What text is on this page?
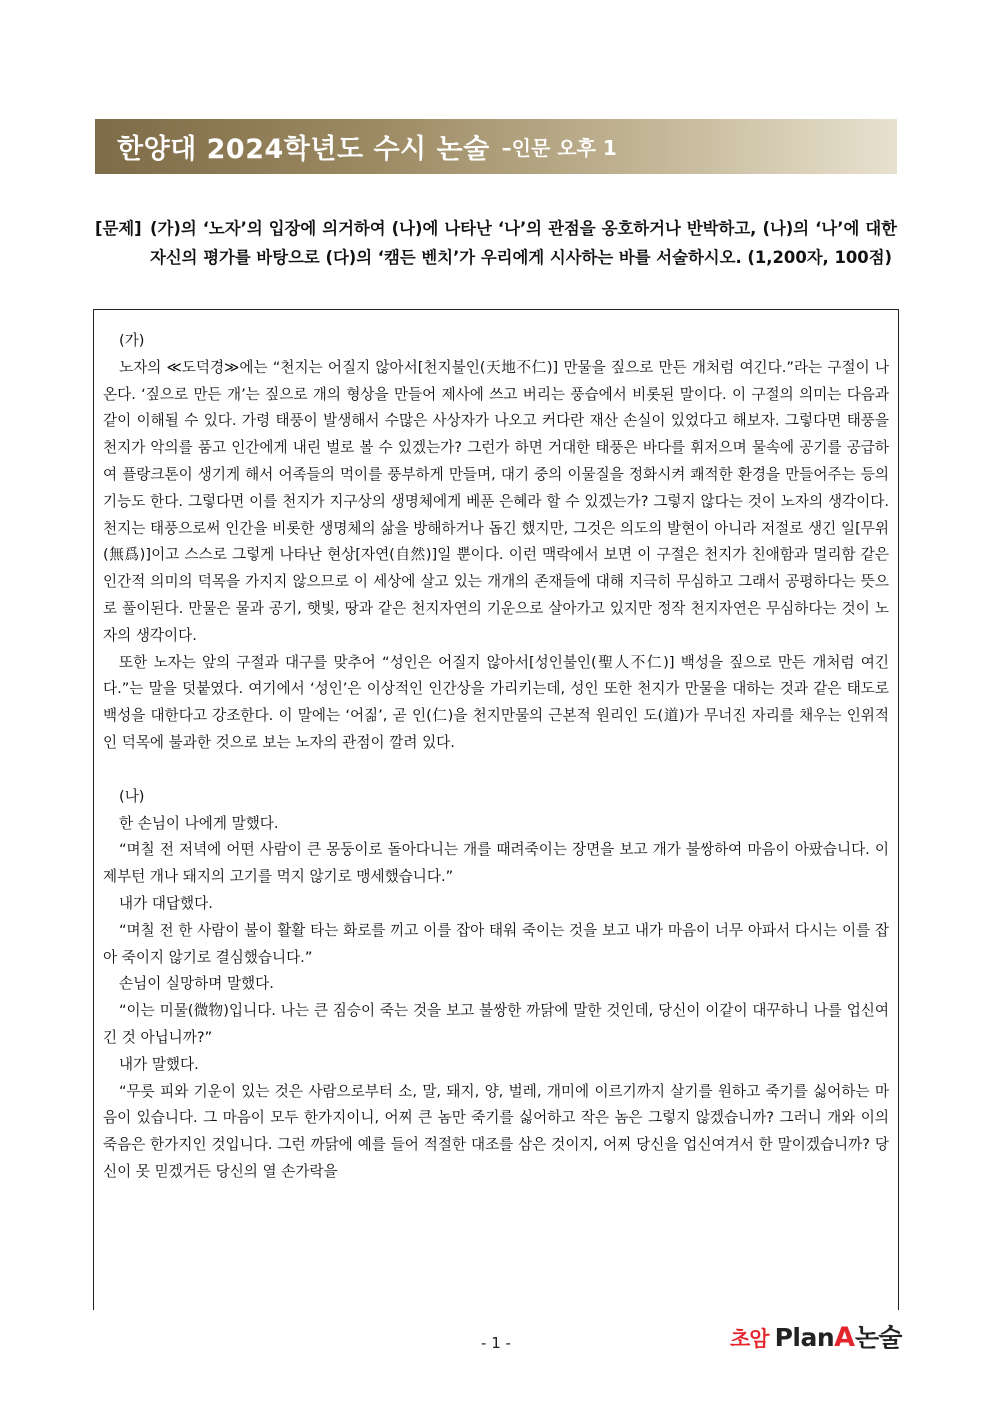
한양대 2024학년도 수시 논술 –인문 오후 1
[문제] (가)의 ‘노자’의 입장에 의거하여 (나)에 나타난 ‘나’의 관점을 옹호하거나 반박하고, (나)의 ‘나’에 대한 자신의 평가를 바탕으로 (다)의 ‘캠든 벤치’가 우리에게 시사하는 바를 서술하시오. (1,200자, 100점)
(가)

노자의 ≪도덕경≫에는 “천지는 어질지 않아서[천지불인(天地不仁)] 만물을 짚으로 만든 개처럼 여긴다.”라는 구절이 나온다. ‘짚으로 만든 개’는 짚으로 개의 형상을 만들어 제사에 쓰고 버리는 풍습에서 비롯된 말이다. 이 구절의 의미는 다음과 같이 이해될 수 있다. 가령 태풍이 발생해서 수많은 사상자가 나오고 커다란 재산 손실이 있었다고 해보자. 그렇다면 태풍을 천지가 악의를 품고 인간에게 내린 벌로 볼 수 있겠는가? 그런가 하면 거대한 태풍은 바다를 휘저으며 물속에 공기를 공급하여 플랑크톤이 생기게 해서 어족들의 먹이를 풍부하게 만들며, 대기 중의 이물질을 정화시켜 쾌적한 환경을 만들어주는 등의 기능도 한다. 그렇다면 이를 천지가 지구상의 생명체에게 베푼 은혜라 할 수 있겠는가? 그렇지 않다는 것이 노자의 생각이다. 천지는 태풍으로써 인간을 비롯한 생명체의 삶을 방해하거나 돕긴 했지만, 그것은 의도의 발현이 아니라 저절로 생긴 일[무위(無爲)]이고 스스로 그렇게 나타난 현상[자연(自然)]일 뿐이다. 이런 맥락에서 보면 이 구절은 천지가 친애함과 멀리함 같은 인간적 의미의 덕목을 가지지 않으므로 이 세상에 살고 있는 개개의 존재들에 대해 지극히 무심하고 그래서 공평하다는 뜻으로 풀이된다. 만물은 물과 공기, 햇빛, 땅과 같은 천지자연의 기운으로 살아가고 있지만 정작 천지자연은 무심하다는 것이 노자의 생각이다.

또한 노자는 앞의 구절과 대구를 맞추어 “성인은 어질지 않아서[성인불인(聖人不仁)] 백성을 짚으로 만든 개처럼 여긴다.”는 말을 덧붙였다. 여기에서 ‘성인’은 이상적인 인간상을 가리키는데, 성인 또한 천지가 만물을 대하는 것과 같은 태도로 백성을 대한다고 강조한다. 이 말에는 ‘어짊’, 곧 인(仁)을 천지만물의 근본적 원리인 도(道)가 무너진 자리를 채우는 인위적인 덕목에 불과한 것으로 보는 노자의 관점이 깔려 있다.

(나)

한 손님이 나에게 말했다.

“며칠 전 저녁에 어떤 사람이 큰 몽둥이로 돌아다니는 개를 때려죽이는 장면을 보고 개가 불쌍하여 마음이 아팠습니다. 이제부턴 개나 돼지의 고기를 먹지 않기로 맹세했습니다.”

내가 대답했다.

“며칠 전 한 사람이 불이 활활 타는 화로를 끼고 이를 잡아 태워 죽이는 것을 보고 내가 마음이 너무 아파서 다시는 이를 잡아 죽이지 않기로 결심했습니다.”

손님이 실망하며 말했다.

“이는 미물(微物)입니다. 나는 큰 짐승이 죽는 것을 보고 불쌍한 까닭에 말한 것인데, 당신이 이같이 대꾸하니 나를 업신여긴 것 아닙니까?”

내가 말했다.

“무릇 피와 기운이 있는 것은 사람으로부터 소, 말, 돼지, 양, 벌레, 개미에 이르기까지 살기를 원하고 죽기를 싫어하는 마음이 있습니다. 그 마음이 모두 한가지이니, 어찌 큰 놈만 죽기를 싫어하고 작은 놈은 그렇지 않겠습니까? 그러니 개와 이의 죽음은 한가지인 것입니다. 그런 까닭에 예를 들어 적절한 대조를 삼은 것이지, 어찌 당신을 업신여겨서 한 말이겠습니까? 당신이 못 믿겠거든 당신의 열 손가락을

- 1 -	초암 Plan A 논술
